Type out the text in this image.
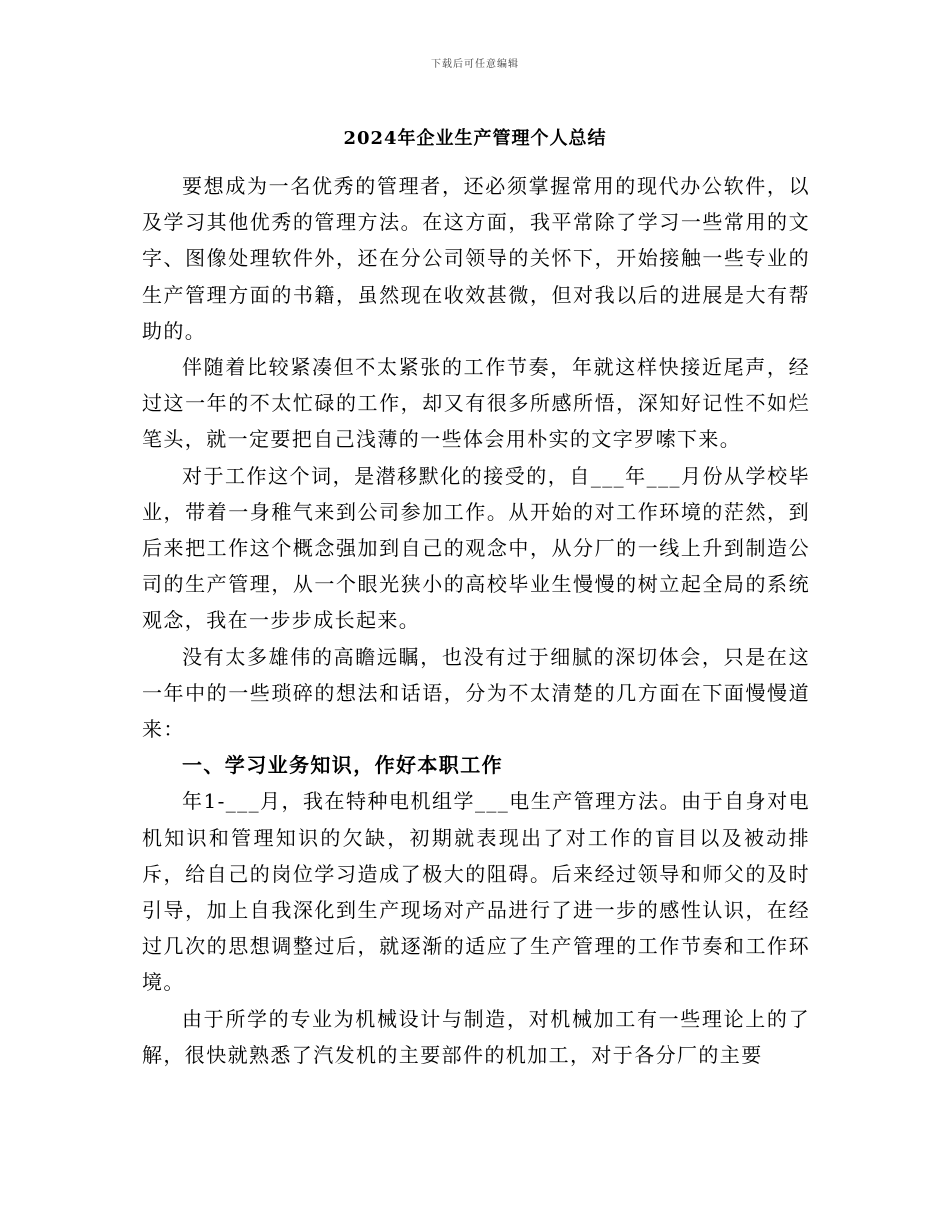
下载后可任意编辑
2024年企业生产管理个人总结

要想成为一名优秀的管理者，还必须掌握常用的现代办公软件，以及学习其他优秀的管理方法。在这方面，我平常除了学习一些常用的文字、图像处理软件外，还在分公司领导的关怀下，开始接触一些专业的生产管理方面的书籍，虽然现在收效甚微，但对我以后的进展是大有帮助的。

伴随着比较紧凑但不太紧张的工作节奏，年就这样快接近尾声，经过这一年的不太忙碌的工作，却又有很多所感所悟，深知好记性不如烂笔头，就一定要把自己浅薄的一些体会用朴实的文字罗嗦下来。

对于工作这个词，是潜移默化的接受的，自___年___月份从学校毕业，带着一身稚气来到公司参加工作。从开始的对工作环境的茫然，到后来把工作这个概念强加到自己的观念中，从分厂的一线上升到制造公司的生产管理，从一个眼光狭小的高校毕业生慢慢的树立起全局的系统观念，我在一步步成长起来。

没有太多雄伟的高瞻远瞩，也没有过于细腻的深切体会，只是在这一年中的一些琐碎的想法和话语，分为不太清楚的几方面在下面慢慢道来：

一、学习业务知识，作好本职工作

年1-___月，我在特种电机组学___电生产管理方法。由于自身对电机知识和管理知识的欠缺，初期就表现出了对工作的盲目以及被动排斥，给自己的岗位学习造成了极大的阻碍。后来经过领导和师父的及时引导，加上自我深化到生产现场对产品进行了进一步的感性认识，在经过几次的思想调整过后，就逐渐的适应了生产管理的工作节奏和工作环境。

由于所学的专业为机械设计与制造，对机械加工有一些理论上的了解，很快就熟悉了汽发机的主要部件的机加工，对于各分厂的主要
